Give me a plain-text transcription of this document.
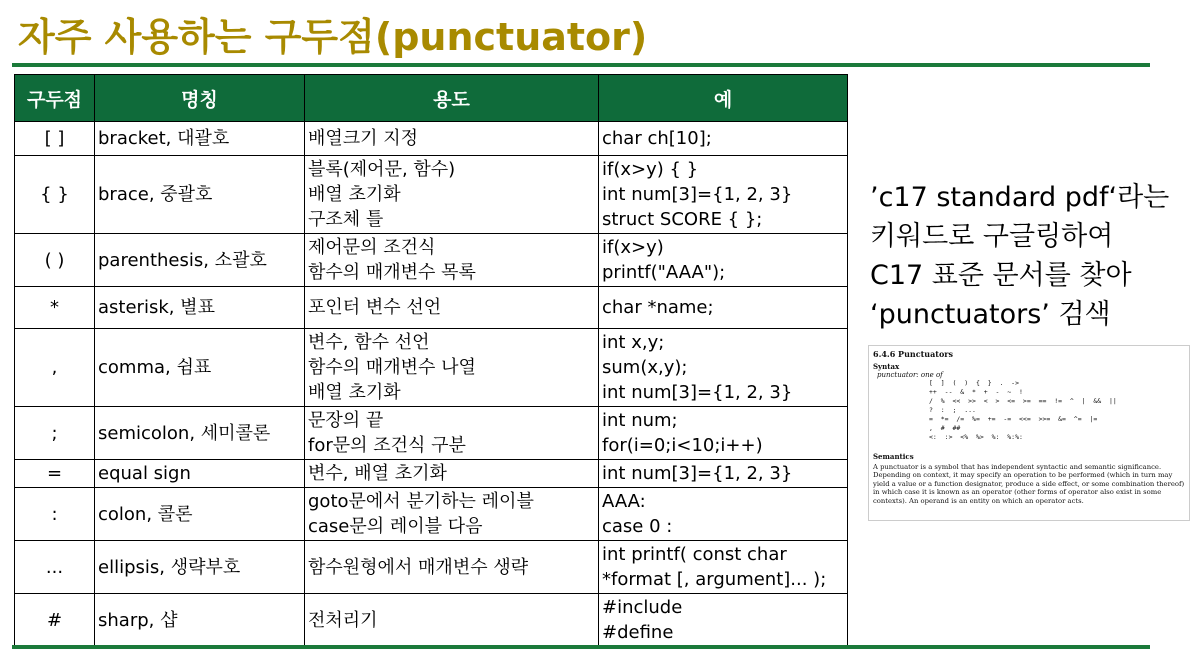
자주 사용하는 구두점(punctuator)
구두점	명칭	용도	예
[ ]	bracket, 대괄호	배열크기 지정	char ch[10];

{ }	brace, 중괄호	블록(제어문, 함수)
배열 초기화
구조체 틀	if(x>y) { }
int num[3]={1, 2, 3}
struct SCORE { };

( )	parenthesis, 소괄호	제어문의 조건식
함수의 매개변수 목록	if(x>y)
printf("AAA");

*	asterisk, 별표	포인터 변수 선언	char *name;

,	comma, 쉼표	변수, 함수 선언
함수의 매개변수 나열
배열 초기화	int x,y;
sum(x,y);
int num[3]={1, 2, 3}

;	semicolon, 세미콜론	문장의 끝
for문의 조건식 구분	int num;
for(i=0;i<10;i++)

=	equal sign	변수, 배열 초기화	int num[3]={1, 2, 3}

:	colon, 콜론	goto문에서 분기하는 레이블
case문의 레이블 다음	AAA:
case 0 :

...	ellipsis, 생략부호	함수원형에서 매개변수 생략	int printf( const char
*format [, argument]... );

#	sharp, 샵	전처리기	#include
#define
’c17 standard pdf‘라는
키워드로 구글링하여
C17 표준 문서를 찾아
‘punctuators’ 검색
6.4.6 Punctuators
Syntax
punctuator: one of
[  ]  (  )  {  }  .  ->
++  --  &  *  +  -  ~  !
/  %  <<  >>  <  >  <=  >=  ==  !=  ^  |  &&  ||
?  :  ;  ...
=  *=  /=  %=  +=  -=  <<=  >>=  &=  ^=  |=
,  #  ##
<:  :>  <%  %>  %:  %:%:
Semantics
A punctuator is a symbol that has independent syntactic and semantic significance. Depending on context, it may specify an operation to be performed (which in turn may yield a value or a function designator, produce a side effect, or some combination thereof) in which case it is known as an operator (other forms of operator also exist in some contexts). An operand is an entity on which an operator acts.
